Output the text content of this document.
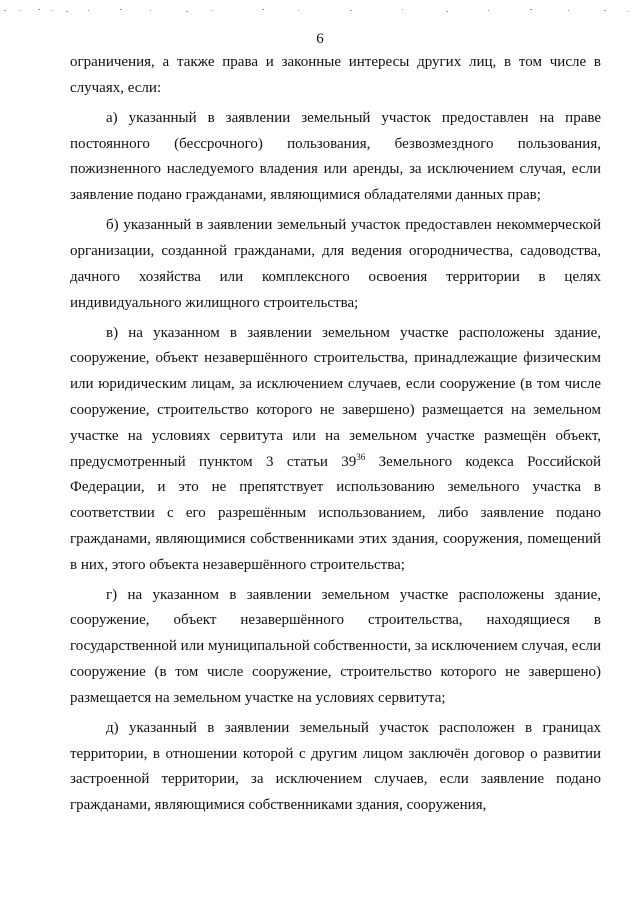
6

ограничения, а также права и законные интересы других лиц, в том числе в случаях, если:

а) указанный в заявлении земельный участок предоставлен на праве постоянного (бессрочного) пользования, безвозмездного пользования, пожизненного наследуемого владения или аренды, за исключением случая, если заявление подано гражданами, являющимися обладателями данных прав;

б) указанный в заявлении земельный участок предоставлен некоммерческой организации, созданной гражданами, для ведения огородничества, садоводства, дачного хозяйства или комплексного освоения территории в целях индивидуального жилищного строительства;

в) на указанном в заявлении земельном участке расположены здание, сооружение, объект незавершённого строительства, принадлежащие физическим или юридическим лицам, за исключением случаев, если сооружение (в том числе сооружение, строительство которого не завершено) размещается на земельном участке на условиях сервитута или на земельном участке размещён объект, предусмотренный пунктом 3 статьи $39^{36}$ Земельного кодекса Российской Федерации, и это не препятствует использованию земельного участка в соответствии с его разрешённым использованием, либо заявление подано гражданами, являющимися собственниками этих здания, сооружения, помещений в них, этого объекта незавершённого строительства;

г) на указанном в заявлении земельном участке расположены здание, сооружение, объект незавершённого строительства, находящиеся в государственной или муниципальной собственности, за исключением случая, если сооружение (в том числе сооружение, строительство которого не завершено) размещается на земельном участке на условиях сервитута;

д) указанный в заявлении земельный участок расположен в границах территории, в отношении которой с другим лицом заключён договор о развитии застроенной территории, за исключением случаев, если заявление подано гражданами, являющимися собственниками здания, сооружения,
